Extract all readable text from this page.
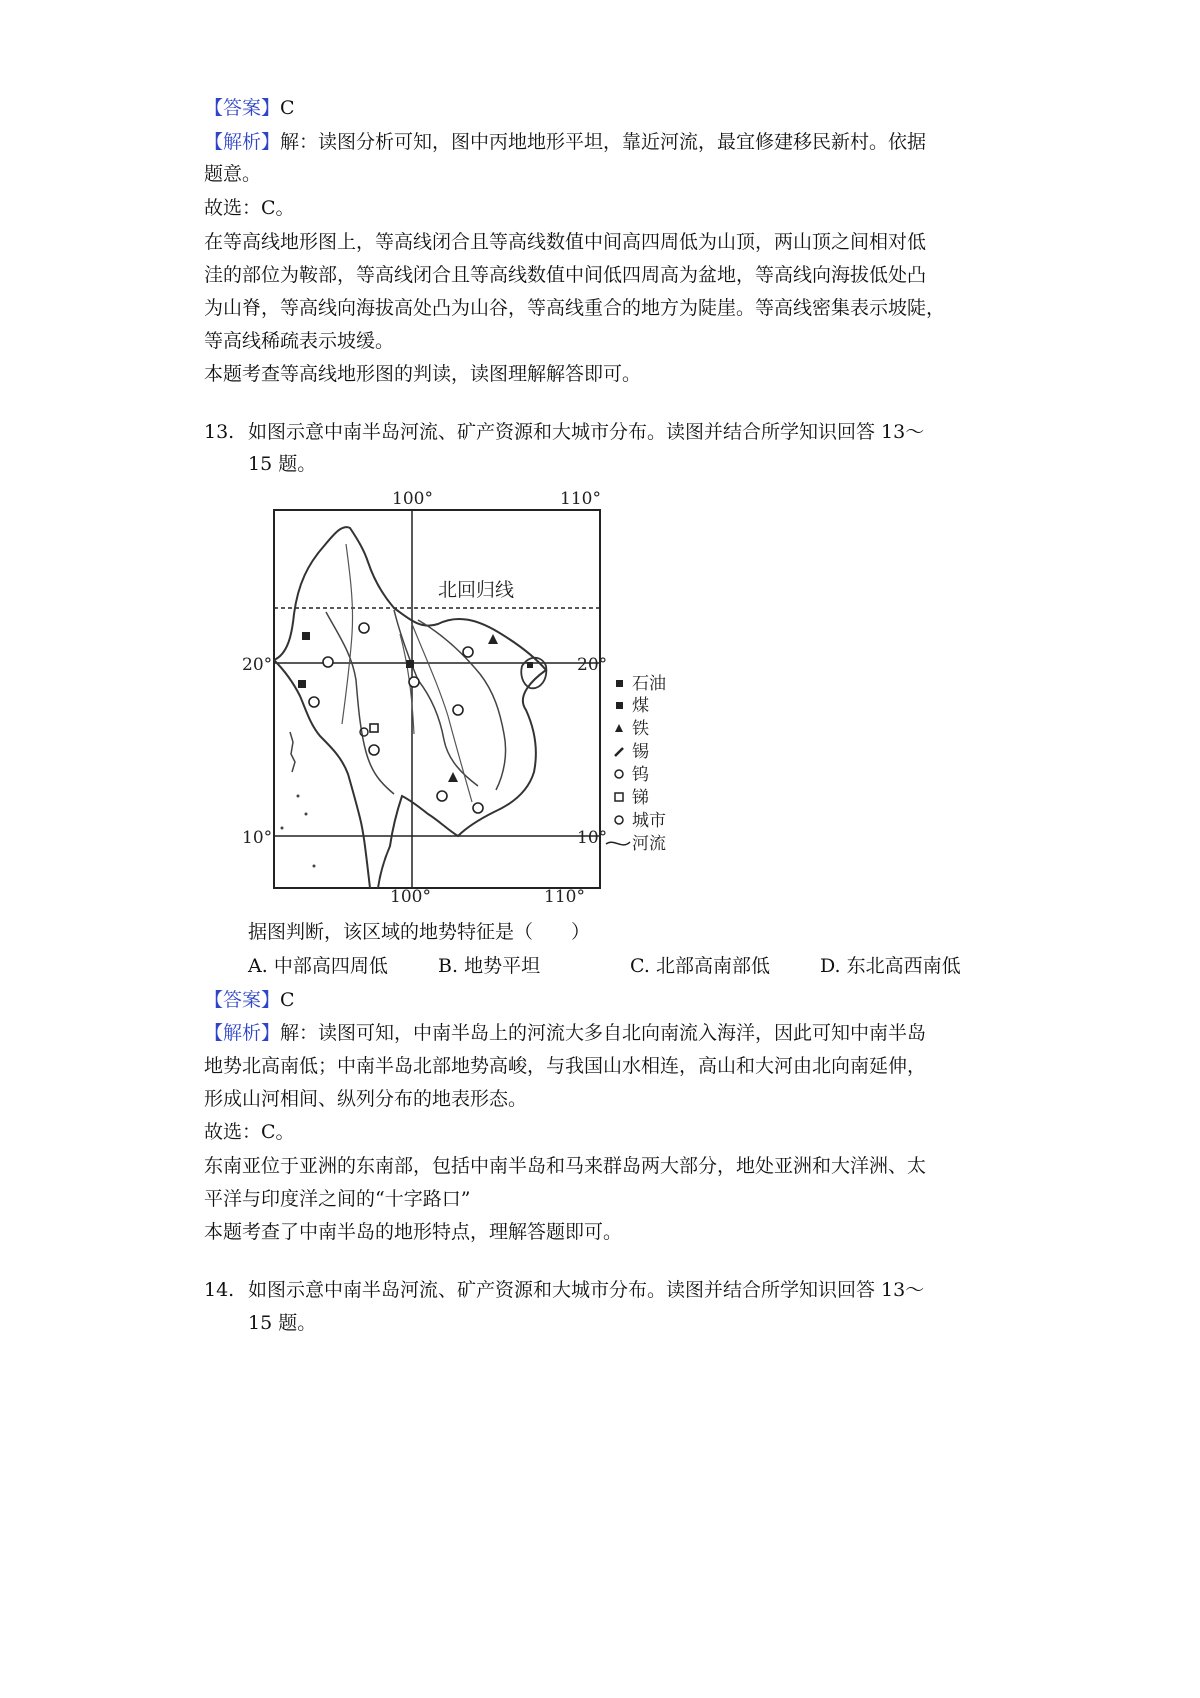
【答案】C
【解析】解：读图分析可知，图中丙地地形平坦，靠近河流，最宜修建移民新村。依据
题意。
故选：C。
在等高线地形图上，等高线闭合且等高线数值中间高四周低为山顶，两山顶之间相对低
洼的部位为鞍部，等高线闭合且等高线数值中间低四周高为盆地，等高线向海拔低处凸
为山脊，等高线向海拔高处凸为山谷，等高线重合的地方为陡崖。等高线密集表示坡陡，
等高线稀疏表示坡缓。
本题考查等高线地形图的判读，读图理解解答即可。
13. 如图示意中南半岛河流、矿产资源和大城市分布。读图并结合所学知识回答 13～
15 题。
100°	110°
100°	110°
20°
10°
20°
10°
北回归线
石油
煤
铁
锡
钨
锑
城市
河流
据图判断，该区域的地势特征是（　　）
A. 中部高四周低	B. 地势平坦	C. 北部高南部低	D. 东北高西南低
【答案】C
【解析】解：读图可知，中南半岛上的河流大多自北向南流入海洋，因此可知中南半岛
地势北高南低；中南半岛北部地势高峻，与我国山水相连，高山和大河由北向南延伸，
形成山河相间、纵列分布的地表形态。
故选：C。
东南亚位于亚洲的东南部，包括中南半岛和马来群岛两大部分，地处亚洲和大洋洲、太
平洋与印度洋之间的“十字路口”
本题考查了中南半岛的地形特点，理解答题即可。
14. 如图示意中南半岛河流、矿产资源和大城市分布。读图并结合所学知识回答 13～
15 题。
